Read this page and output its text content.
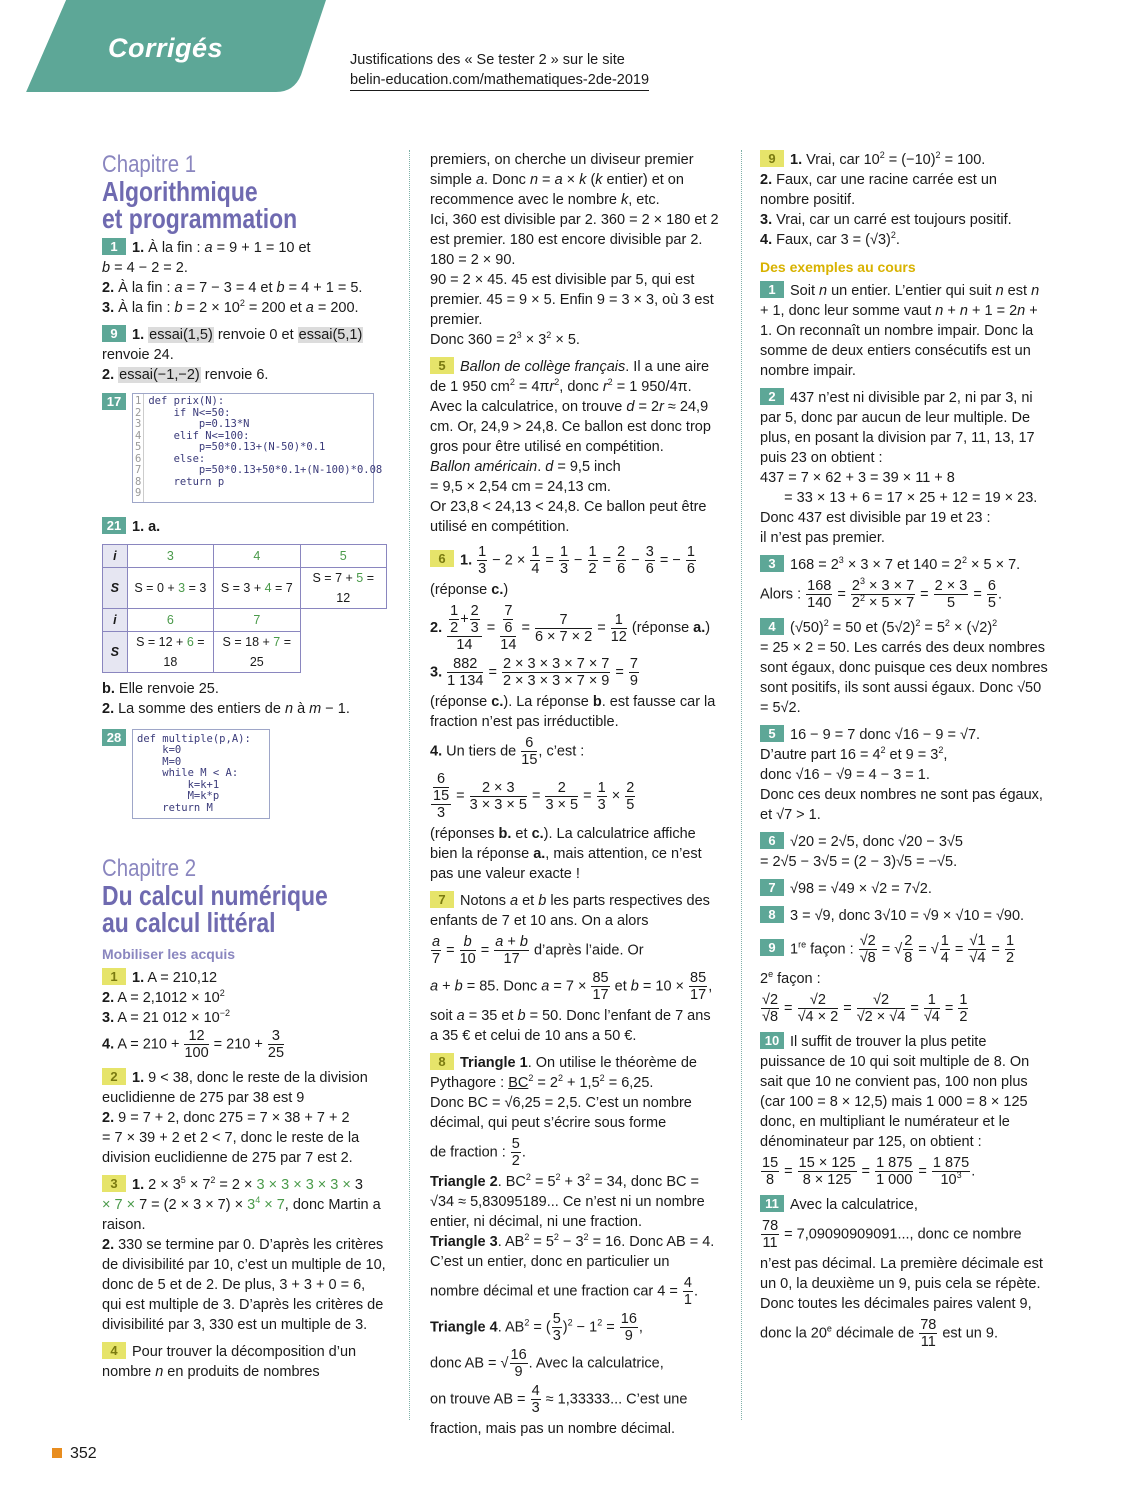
Corrigés	Justifications des « Se tester 2 » sur le site
belin-education.com/mathematiques-2de-2019
Chapitre 1
Algorithmique
et programmation
1 1. À la fin : a = 9 + 1 = 10 et
b = 4 − 2 = 2.
2. À la fin : a = 7 − 3 = 4 et b = 4 + 1 = 5.
3. À la fin : $b = 2 \times 10^2 = 200$ et a = 200.
9 1. essai(1,5) renvoie 0 et essai(5,1)
renvoie 24.
2. essai(−1,−2) renvoie 6.
17	1
2
3
4
5
6
7
8
9
def prix(N):
if N<=50:
p=0.13*N
elif N<=100:
p=50*0.13+(N-50)*0.1
else:
p=50*0.13+50*0.1+(N-100)*0.08
return p

21 1. a.
i	3	4	5
S	S = 0 + 3 = 3	S = 3 + 4 = 7	S = 7 + 5 = 12
i	6	7	
S	S = 12 + 6 = 18	S = 18 + 7 = 25	
b. Elle renvoie 25.
2. La somme des entiers de n à m − 1.
28	def multiple(p,A):
k=0
M=0
while M < A:
k=k+1
M=k*p
return M
Chapitre 2
Du calcul numérique
au calcul littéral
Mobiliser les acquis
1 1. A = 210,12
2. $A = 2,1012 \times 10^2$
3. A = 21 $012 \times 10^{-2}$
4. $A = 210 + \frac{12}{100} = 210 + \frac{3}{25}$
2 1. 9 < 38, donc le reste de la division euclidienne de 275 par 38 est 9
2. 9 = 7 + 2, donc 275 = 7 × 38 + 7 + 2
= 7 × 39 + 2 et 2 < 7, donc le reste de la division euclidienne de 275 par 7 est 2.
3 1. $2 \times 3^5 \times 7^2 = 2 \times 3 \times 3 \times 3 \times 3 \times 3$
× $7 \times 7 = (2 \times 3 \times 7) \times 3^4 \times 7$, donc Martin a raison.
2. 330 se termine par 0. D’après les critères de divisibilité par 10, c’est un multiple de 10, donc de 5 et de 2. De plus, 3 + 3 + 0 = 6, qui est multiple de 3. D’après les critères de divisibilité par 3, 330 est un multiple de 3.
4 Pour trouver la décomposition d’un nombre n en produits de nombres
premiers, on cherche un diviseur premier simple a. Donc n = a × k (k entier) et on recommence avec le nombre k, etc.
Ici, 360 est divisible par 2. 360 = 2 × 180 et 2 est premier. 180 est encore divisible par 2. 180 = 2 × 90.
90 = 2 × 45. 45 est divisible par 5, qui est premier. 45 = 9 × 5. Enfin 9 = 3 × 3, où 3 est premier.
Donc $360 = 2^3 \times 3^2 \times 5$.
5 Ballon de collège français. Il a une aire de 1 950 $cm^2 = 4\pi r^2$, donc $r^2 = 1$ 950/4π. Avec la calculatrice, on trouve d = 2r ≈ 24,9 cm. Or, 24,9 > 24,8. Ce ballon est donc trop gros pour être utilisé en compétition.
Ballon américain. d = 9,5 inch
= 9,5 × 2,54 cm = 24,13 cm.
Or 23,8 < 24,13 < 24,8. Ce ballon peut être utilisé en compétition.
6 1. $\frac{1}{3} - 2 \times \frac{1}{4} = \frac{1}{3} - \frac{1}{2} = \frac{2}{6} - \frac{3}{6}$ = − $\frac{1}{6}$
(réponse c.)
2. $\frac{\frac{1}{2} + \frac{2}{3}}{14} = \frac{\frac{7}{6}}{14} = \frac{7}{6 \times 7 \times 2} = \frac{1}{12}$ (réponse a.)
3. $\frac{882}{1 134} = \frac{2 \times 3 \times 3 \times 7 \times 7}{2 \times 3 \times 3 \times 7 \times 9} = \frac{7}{9}$
(réponse c.). La réponse b. est fausse car la fraction n’est pas irréductible.
4. Un tiers de $\frac{6}{15}$ , c’est :
$\frac{\frac{6}{15}}{3} = \frac{2 \times 3}{3 \times 3 \times 5} = \frac{2}{3 \times 5} = \frac{1}{3} \times \frac{2}{5}$
(réponses b. et c.). La calculatrice affiche bien la réponse a., mais attention, ce n’est pas une valeur exacte !
7 Notons a et b les parts respectives des enfants de 7 et 10 ans. On a alors
$\frac{a}{7} = \frac{b}{10} = \frac{a + b}{17}$ d’après l’aide. Or
a + b = 85. Donc $a = 7 \times \frac{85}{17}$ et $b = 10 \times \frac{85}{17}$ ,
soit a = 35 et b = 50. Donc l’enfant de 7 ans a 35 € et celui de 10 ans a 50 €.
8 Triangle 1. On utilise le théorème de Pythagore : $BC^2 = 2^2 + 1,5^2 = 6,25$.
Donc BC = √6,25 = 2,5. C’est un nombre décimal, qui peut s’écrire sous forme
de fraction : $\frac{5}{2}$ .
Triangle 2. $BC^2 = 5^2 + 3^2 = 34$, donc BC = √34 ≈ 5,83095189... Ce n’est ni un nombre entier, ni décimal, ni une fraction.
Triangle 3. $AB^2 = 5^2 - 3^2 = 16$. Donc AB = 4. C’est un entier, donc en particulier un
nombre décimal et une fraction car $4 = \frac{4}{1}$ .
Triangle 4. $AB^2$ = ( $\frac{5}{3} )^2 - 1^2 = \frac{16}{9}$ ,
donc AB = √ $\frac{16}{9}$ . Avec la calculatrice,
on trouve AB = $\frac{4}{3} \approx 1,33333$... C’est une
fraction, mais pas un nombre décimal.
9 1. Vrai, car $10^2 = (-10)^2 = 100$.
2. Faux, car une racine carrée est un nombre positif.
3. Vrai, car un carré est toujours positif.
4. Faux, car $3 = (√3)^2$.
Des exemples au cours
1 Soit n un entier. L’entier qui suit n est n + 1, donc leur somme vaut n + n + 1 = 2n + 1. On reconnaît un nombre impair. Donc la somme de deux entiers consécutifs est un nombre impair.
2 437 n’est ni divisible par 2, ni par 3, ni par 5, donc par aucun de leur multiple. De plus, en posant la division par 7, 11, 13, 17 puis 23 on obtient :
437 = 7 × 62 + 3 = 39 × 11 + 8
= 33 × 13 + 6 = 17 × 25 + 12 = 19 × 23.
Donc 437 est divisible par 19 et 23 :
il n’est pas premier.
3 $168 = 2^3 \times 3 \times 7$ et $140 = 2^2 \times 5 \times 7$.
Alors : $\frac{168}{140} = \frac{2^3 \times 3 \times 7}{2^2 \times 5 \times 7} = \frac{2 \times 3}{5} = \frac{6}{5}$ .
4 $(√50)^2 = 50$ et $(5√2)^2 = 5^2 \times (√2)^2$
= 25 × 2 = 50. Les carrés des deux nombres sont égaux, donc puisque ces deux nombres sont positifs, ils sont aussi égaux. Donc √50 = 5√2.
5 16 − 9 = 7 donc √16 − 9 = √7.
D’autre part $16 = 4^2$ et $9 = 3^2$,
donc √16 − √9 = 4 − 3 = 1.
Donc ces deux nombres ne sont pas égaux, et √7 > 1.
6 √20 = 2√5, donc √20 − 3√5
= 2√5 − 3√5 = (2 − 3)√5 = −√5.
7 √98 = √49 × √2 = 7√2.
8 3 = √9, donc 3√10 = √9 × √10 = √90.
9 1re façon : $\frac{√2}{√8}$ = √ $\frac{2}{8}$ = √ $\frac{1}{4} = \frac{√1}{√4} = \frac{1}{2}$
2e façon :
$\frac{√2}{√8} = \frac{√2}{√4 \times 2} = \frac{√2}{√2 \times √4} = \frac{1}{√4} = \frac{1}{2}$
10 Il suffit de trouver la plus petite puissance de 10 qui soit multiple de 8. On sait que 10 ne convient pas, 100 non plus (car 100 = 8 × 12,5) mais 1 000 = 8 × 125 donc, en multipliant le numérateur et le dénominateur par 125, on obtient :
$\frac{15}{8} = \frac{15 \times 125}{8 \times 125} = \frac{1 875}{1 000} = \frac{1 875}{10^3}$ .
11 Avec la calculatrice,
$\frac{78}{11} = 7,09090909091$..., donc ce nombre
n’est pas décimal. La première décimale est un 0, la deuxième un 9, puis cela se répète. Donc toutes les décimales paires valent 9,
donc la 20e décimale de $\frac{78}{11}$ est un 9.
352
